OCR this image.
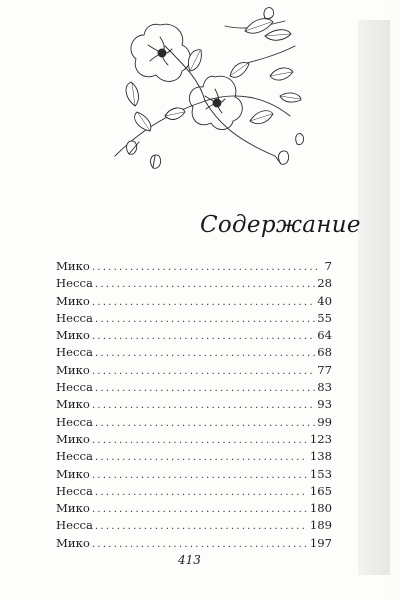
Содержание
Мико .....	7
Несса .....	28
Мико .....	40
Несса .....	55
Мико .....	64
Несса .....	68
Мико .....	77
Несса .....	83
Мико .....	93
Несса .....	99
Мико .....	123
Несса .....	138
Мико .....	153
Несса .....	165
Мико .....	180
Несса .....	189
Мико .....	197
413
